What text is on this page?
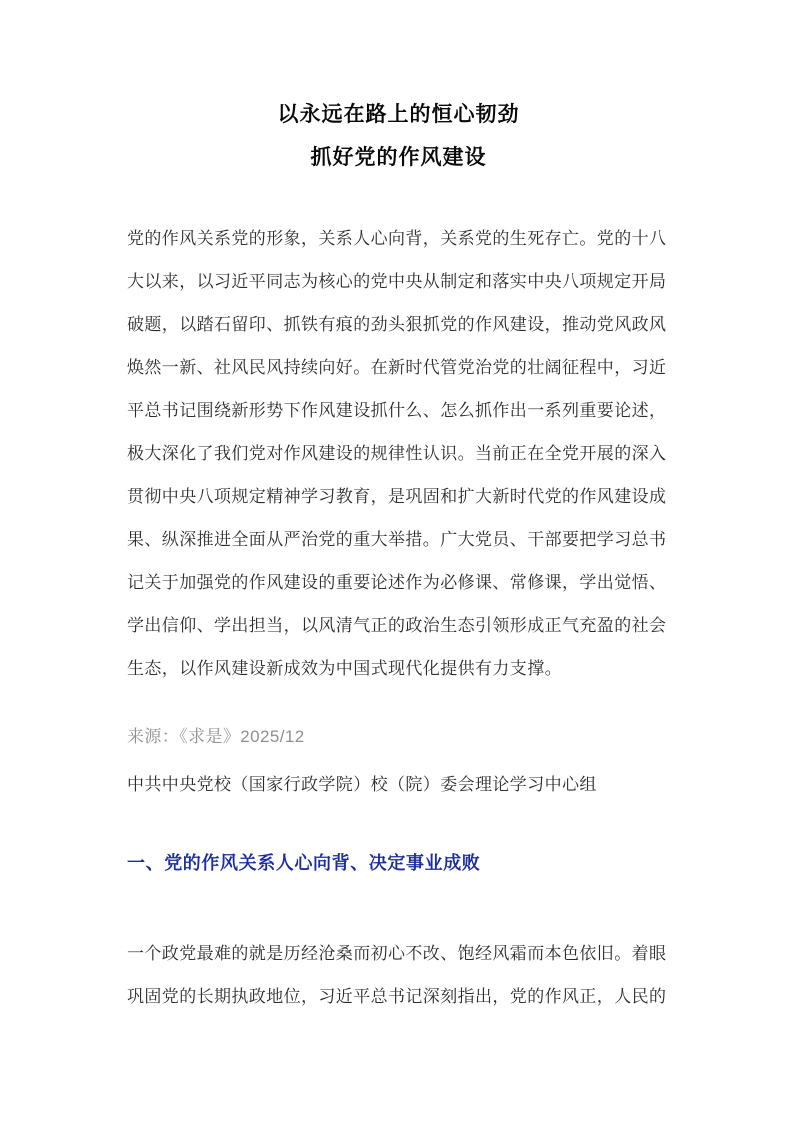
以永远在路上的恒心韧劲
抓好党的作风建设
党的作风关系党的形象，关系人心向背，关系党的生死存亡。党的十八
大以来，以习近平同志为核心的党中央从制定和落实中央八项规定开局
破题，以踏石留印、抓铁有痕的劲头狠抓党的作风建设，推动党风政风
焕然一新、社风民风持续向好。在新时代管党治党的壮阔征程中，习近
平总书记围绕新形势下作风建设抓什么、怎么抓作出一系列重要论述，
极大深化了我们党对作风建设的规律性认识。当前正在全党开展的深入
贯彻中央八项规定精神学习教育，是巩固和扩大新时代党的作风建设成
果、纵深推进全面从严治党的重大举措。广大党员、干部要把学习总书
记关于加强党的作风建设的重要论述作为必修课、常修课，学出觉悟、
学出信仰、学出担当，以风清气正的政治生态引领形成正气充盈的社会
生态，以作风建设新成效为中国式现代化提供有力支撑。
来源：《求是》2025/12
中共中央党校（国家行政学院）校（院）委会理论学习中心组
一、党的作风关系人心向背、决定事业成败
一个政党最难的就是历经沧桑而初心不改、饱经风霜而本色依旧。着眼
巩固党的长期执政地位，习近平总书记深刻指出，党的作风正，人民的
